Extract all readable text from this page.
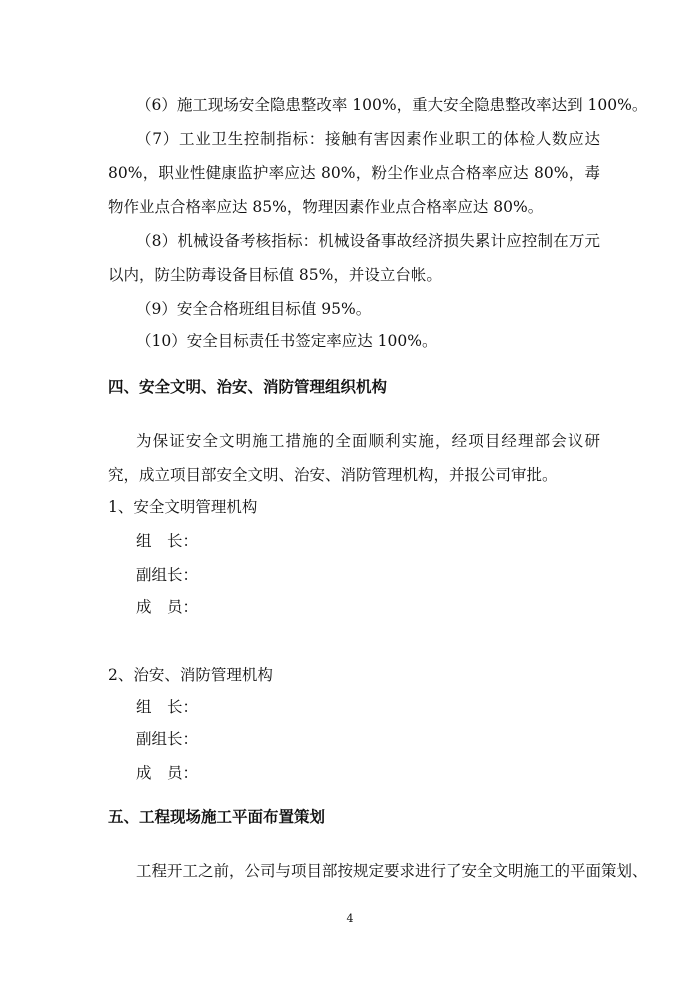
（6）施工现场安全隐患整改率 100%，重大安全隐患整改率达到 100%。

（7）工业卫生控制指标：接触有害因素作业职工的体检人数应达 80%，职业性健康监护率应达 80%，粉尘作业点合格率应达 80%，毒物作业点合格率应达 85%，物理因素作业点合格率应达 80%。

（8）机械设备考核指标：机械设备事故经济损失累计应控制在万元以内，防尘防毒设备目标值 85%，并设立台帐。

（9）安全合格班组目标值 95%。

（10）安全目标责任书签定率应达 100%。

四、安全文明、治安、消防管理组织机构

为保证安全文明施工措施的全面顺利实施，经项目经理部会议研究，成立项目部安全文明、治安、消防管理机构，并报公司审批。

1、安全文明管理机构

组　长：

副组长：

成　员：

2、治安、消防管理机构

组　长：

副组长：

成　员：

五、工程现场施工平面布置策划

工程开工之前，公司与项目部按规定要求进行了安全文明施工的平面策划、

4
